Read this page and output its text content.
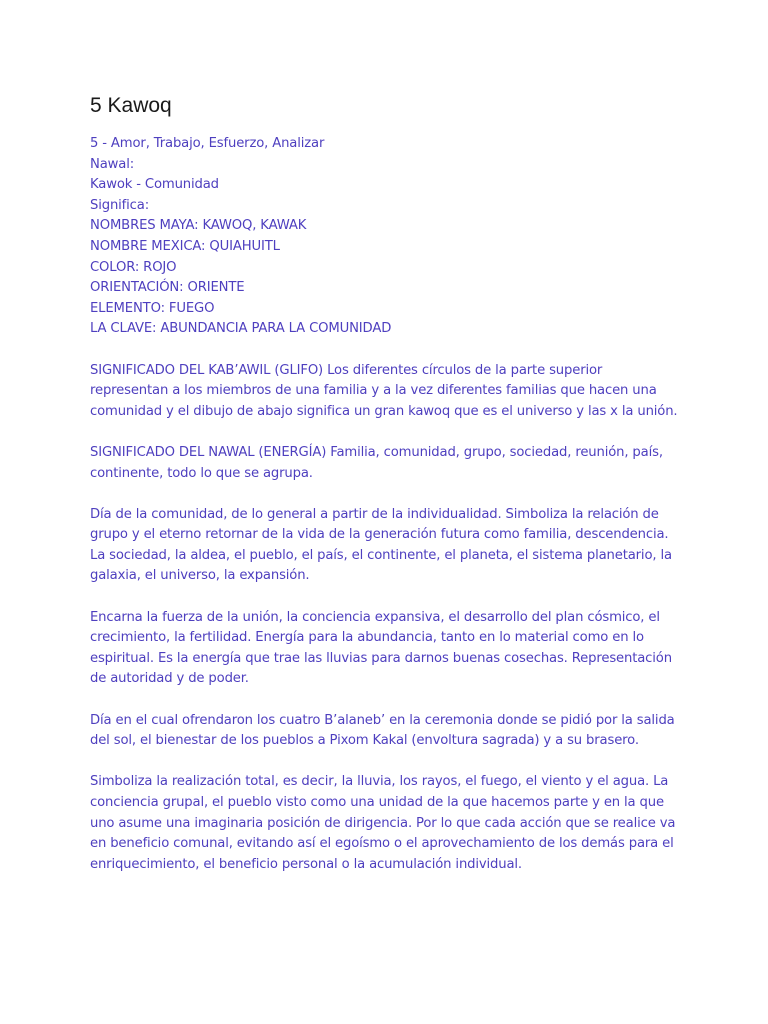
5 Kawoq
5 - Amor, Trabajo, Esfuerzo, Analizar
Nawal:
Kawok - Comunidad
Significa:
NOMBRES MAYA: KAWOQ, KAWAK
NOMBRE MEXICA: QUIAHUITL
COLOR: ROJO
ORIENTACIÓN: ORIENTE
ELEMENTO: FUEGO
LA CLAVE: ABUNDANCIA PARA LA COMUNIDAD

SIGNIFICADO DEL KAB’AWIL (GLIFO) Los diferentes círculos de la parte superior representan a los miembros de una familia y a la vez diferentes familias que hacen una comunidad y el dibujo de abajo significa un gran kawoq que es el universo y las x la unión.

SIGNIFICADO DEL NAWAL (ENERGÍA) Familia, comunidad, grupo, sociedad, reunión, país, continente, todo lo que se agrupa.

Día de la comunidad, de lo general a partir de la individualidad. Simboliza la relación de grupo y el eterno retornar de la vida de la generación futura como familia, descendencia. La sociedad, la aldea, el pueblo, el país, el continente, el planeta, el sistema planetario, la galaxia, el universo, la expansión.

Encarna la fuerza de la unión, la conciencia expansiva, el desarrollo del plan cósmico, el crecimiento, la fertilidad. Energía para la abundancia, tanto en lo material como en lo espiritual. Es la energía que trae las lluvias para darnos buenas cosechas. Representación de autoridad y de poder.

Día en el cual ofrendaron los cuatro B’alaneb’ en la ceremonia donde se pidió por la salida del sol, el bienestar de los pueblos a Pixom Kakal (envoltura sagrada) y a su brasero.

Simboliza la realización total, es decir, la lluvia, los rayos, el fuego, el viento y el agua. La conciencia grupal, el pueblo visto como una unidad de la que hacemos parte y en la que uno asume una imaginaria posición de dirigencia. Por lo que cada acción que se realice va en beneficio comunal, evitando así el egoísmo o el aprovechamiento de los demás para el enriquecimiento, el beneficio personal o la acumulación individual.
